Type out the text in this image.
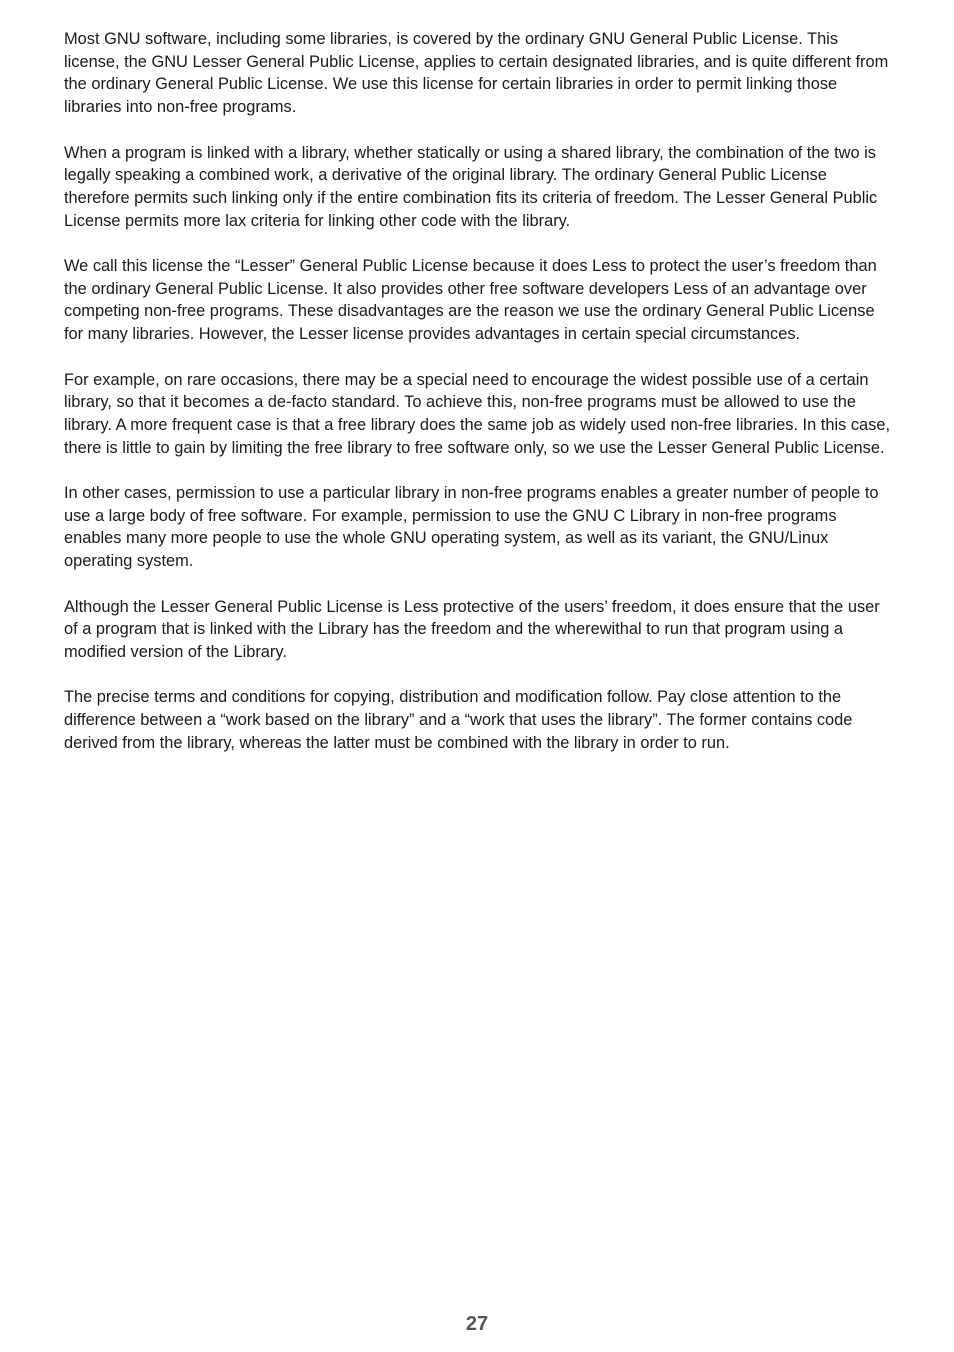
Most GNU software, including some libraries, is covered by the ordinary GNU General Public License. This license, the GNU Lesser General Public License, applies to certain designated libraries, and is quite different from the ordinary General Public License. We use this license for certain libraries in order to permit linking those libraries into non-free programs.

When a program is linked with a library, whether statically or using a shared library, the combination of the two is legally speaking a combined work, a derivative of the original library. The ordinary General Public License therefore permits such linking only if the entire combination fits its criteria of freedom. The Lesser General Public License permits more lax criteria for linking other code with the library.

We call this license the “Lesser” General Public License because it does Less to protect the user’s freedom than the ordinary General Public License. It also provides other free software developers Less of an advantage over competing non-free programs. These disadvantages are the reason we use the ordinary General Public License for many libraries. However, the Lesser license provides advantages in certain special circumstances.

For example, on rare occasions, there may be a special need to encourage the widest possible use of a certain library, so that it becomes a de-facto standard. To achieve this, non-free programs must be allowed to use the library. A more frequent case is that a free library does the same job as widely used non-free libraries. In this case, there is little to gain by limiting the free library to free software only, so we use the Lesser General Public License.

In other cases, permission to use a particular library in non-free programs enables a greater number of people to use a large body of free software. For example, permission to use the GNU C Library in non-free programs enables many more people to use the whole GNU operating system, as well as its variant, the GNU/Linux operating system.

Although the Lesser General Public License is Less protective of the users’ freedom, it does ensure that the user of a program that is linked with the Library has the freedom and the wherewithal to run that program using a modified version of the Library.

The precise terms and conditions for copying, distribution and modification follow. Pay close attention to the difference between a “work based on the library” and a “work that uses the library”. The former contains code derived from the library, whereas the latter must be combined with the library in order to run.

27
